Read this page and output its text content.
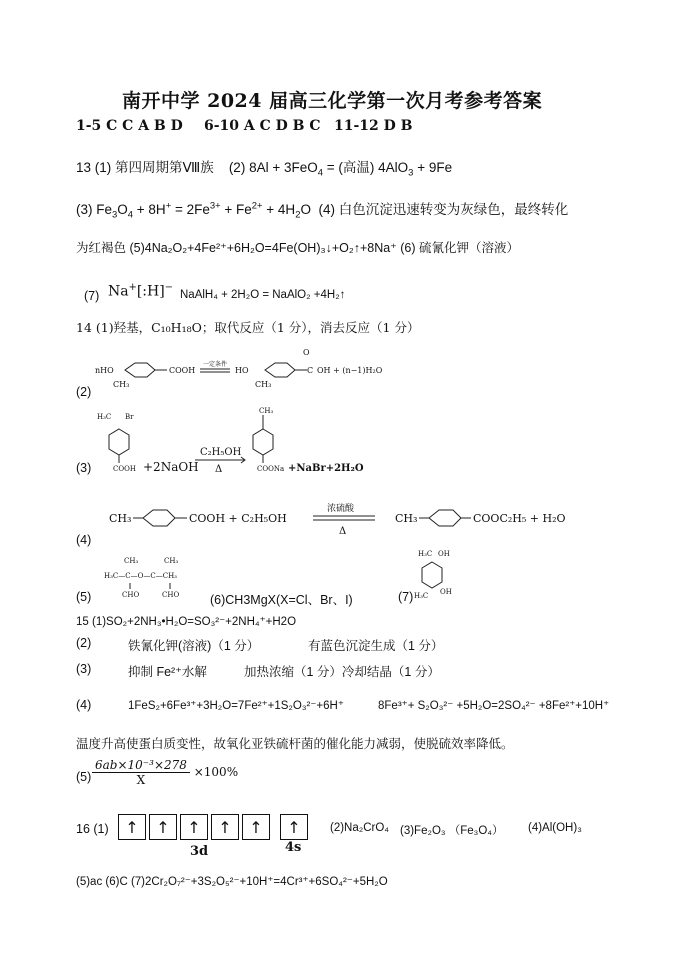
南开中学 2024 届高三化学第一次月考参考答案
1-5 C C A B D 6-10 A C D B C 11-12 D B
13 (1) 第四周期第Ⅷ族 (2) 8Al + 3FeO$_4$ = (高温) 4AlO$_3$ + 9Fe
(3) $Fe_3O_4 + 8H^+ = 2Fe^{3+} + Fe^{2+} + 4H_2O$ (4) 白色沉淀迅速转变为灰绿色，最终转化
为红褐色 (5)4Na₂O₂+4Fe²⁺+6H₂O=4Fe(OH)₃↓+O₂↑+8Na⁺ (6) 硫氰化钾（溶液）
(7) Na+[:H]−
NaAlH₄ + 2H₂O = NaAlO₂ +4H₂↑
14 (1)羟基，C₁₀H₁₈O；取代反应（1 分），消去反应（1 分）
(2)
nHO
CH₃
COOH
一定条件
H O
CH₃
O
C OH + (n−1)H₂O
(3)
H₃C Br
COOH +2NaOH
C₂H₅OH
Δ
CH₃
COONa +NaBr+2H₂O
(4)
CH₃	COOH + C₂H₅OH
浓硫酸
Δ
CH₃	COOC₂H₅ + H₂O
(5)
CH₃	CH₃
H₃C—C—O—C—CH₃
CHO	CHO (6)CH3MgX(X=Cl、Br、I)	(7)
H₃C OH
H₃C OH
15 (1)SO₂+2NH₃•H₂O=SO₃²⁻+2NH₄⁺+H2O
(2)	铁氰化钾(溶液)（1 分）	有蓝色沉淀生成（1 分）
(3)	抑制 Fe²⁺水解	加热浓缩（1 分）冷却结晶（1 分）
(4)	1FeS₂+6Fe³⁺+3H₂O=7Fe²⁺+1S₂O₃²⁻+6H⁺	8Fe³⁺+ S₂O₃²⁻ +5H₂O=2SO₄²⁻ +8Fe²⁺+10H⁺
温度升高使蛋白质变性，故氧化亚铁硫杆菌的催化能力减弱，使脱硫效率降低。
$(5) \frac{\text{6ab×10⁻³×278}}{X} \times 100\%$
16 (1)	↑	↑	↑	↑	↑	↑
3d	4s
(2)Na₂CrO₄ (3)Fe₂O₃ （Fe₃O₄） (4)Al(OH)₃
(5)ac (6)C (7)2Cr₂O₇²⁻+3S₂O₅²⁻+10H⁺=4Cr³⁺+6SO₄²⁻+5H₂O
